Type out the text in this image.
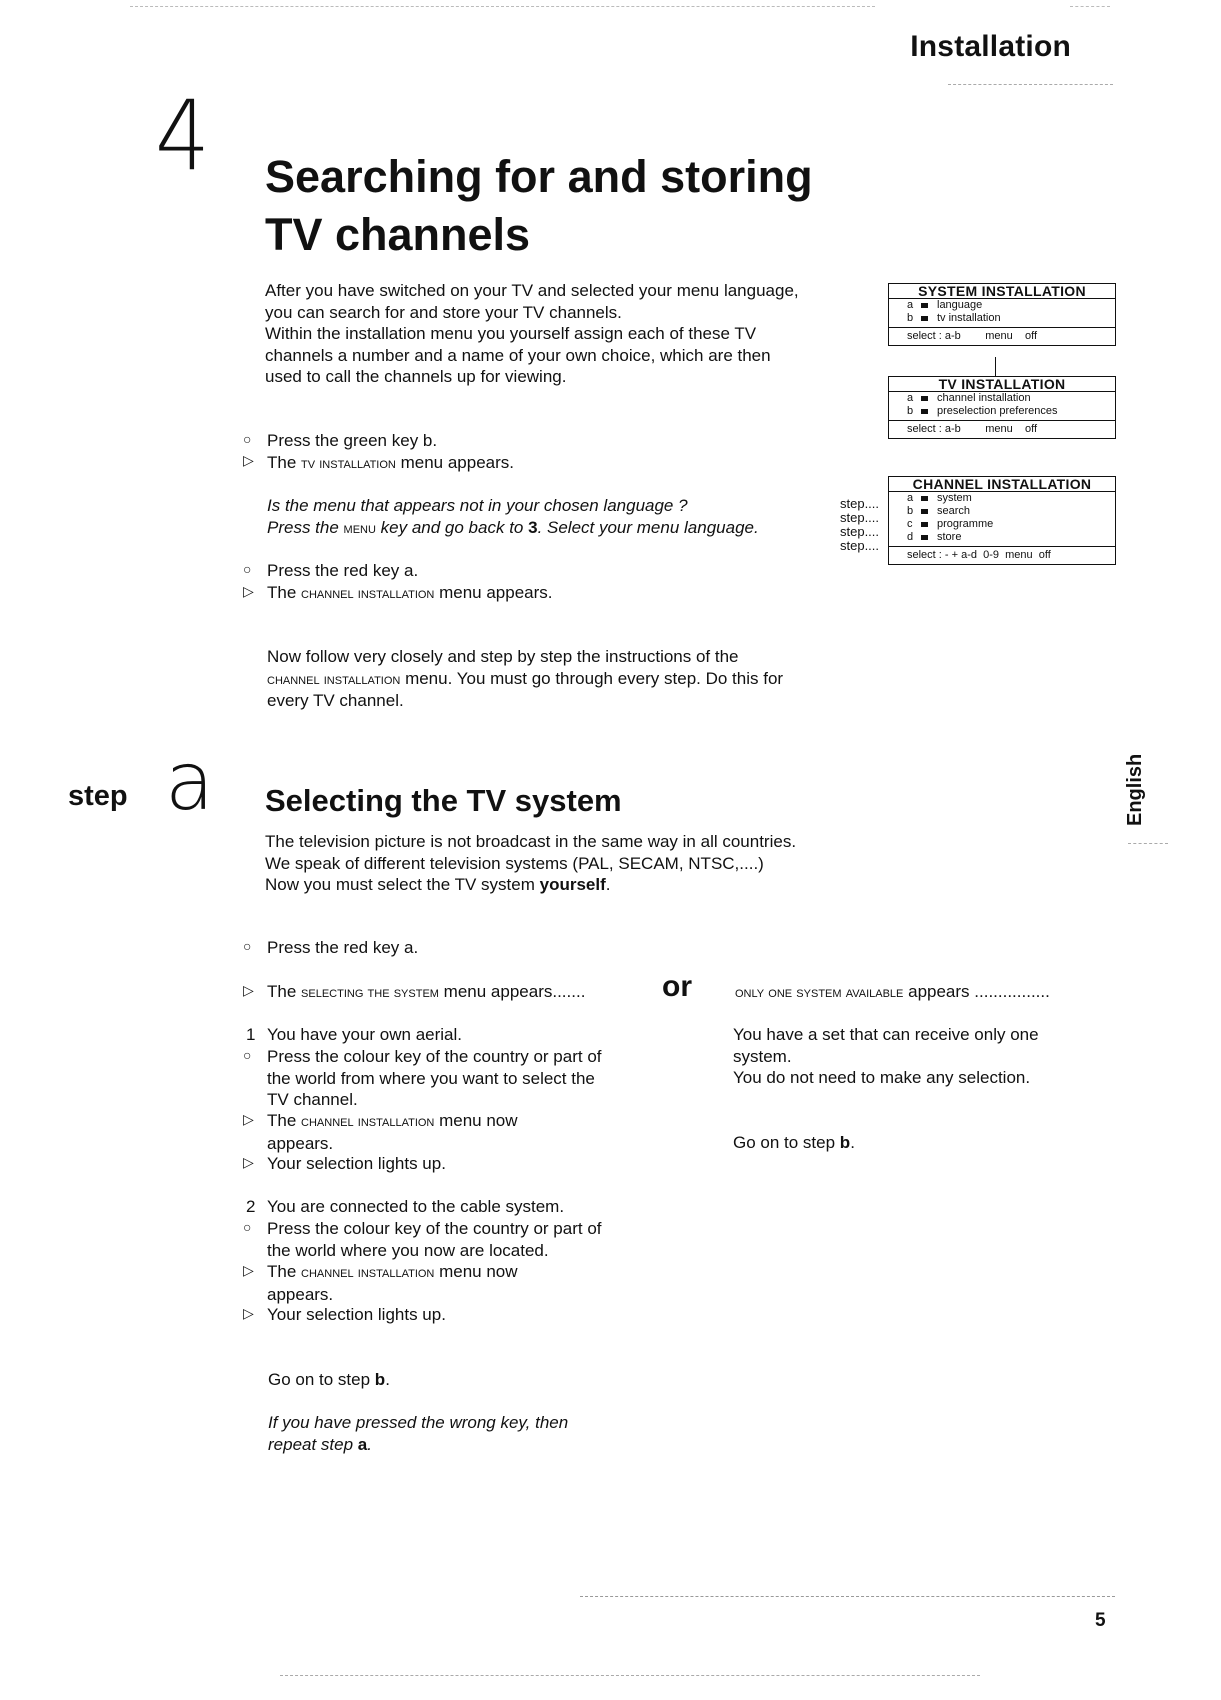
Installation
4 Searching for and storing
TV channels
After you have switched on your TV and selected your menu language,
you can search for and store your TV channels.
Within the installation menu you yourself assign each of these TV
channels a number and a name of your own choice, which are then
used to call the channels up for viewing.
○ Press the green key b.
▷ The tv installation menu appears.
Is the menu that appears not in your chosen language ?
Press the menu key and go back to 3. Select your menu language.
○ Press the red key a.
▷ The channel installation menu appears.
Now follow very closely and step by step the instructions of the
channel installation menu. You must go through every step. Do this for
every TV channel.
SYSTEM INSTALLATION
a language
b tv installation
select : a-b        menu    off
TV INSTALLATION
a channel installation
b preselection preferences
select : a-b        menu    off
CHANNEL INSTALLATION
a system
b search
c programme
d store
select : - + a-d  0-9  menu  off
step....
step....
step....
step....
step a Selecting the TV system
The television picture is not broadcast in the same way in all countries.
We speak of different television systems (PAL, SECAM, NTSC,....)
Now you must select the TV system yourself.
○ Press the red key a.
▷ The selecting the system menu appears.......	or	only one system available appears ................
1 You have your own aerial.
○ Press the colour key of the country or part of
the world from where you want to select the
TV channel.
▷ The channel installation menu now
appears.
▷ Your selection lights up.
2 You are connected to the cable system.
○ Press the colour key of the country or part of
the world where you now are located.
▷ The channel installation menu now
appears.
▷ Your selection lights up.
Go on to step b.
If you have pressed the wrong key, then
repeat step a.
You have a set that can receive only one
system.
You do not need to make any selection.
Go on to step b.
English
5
